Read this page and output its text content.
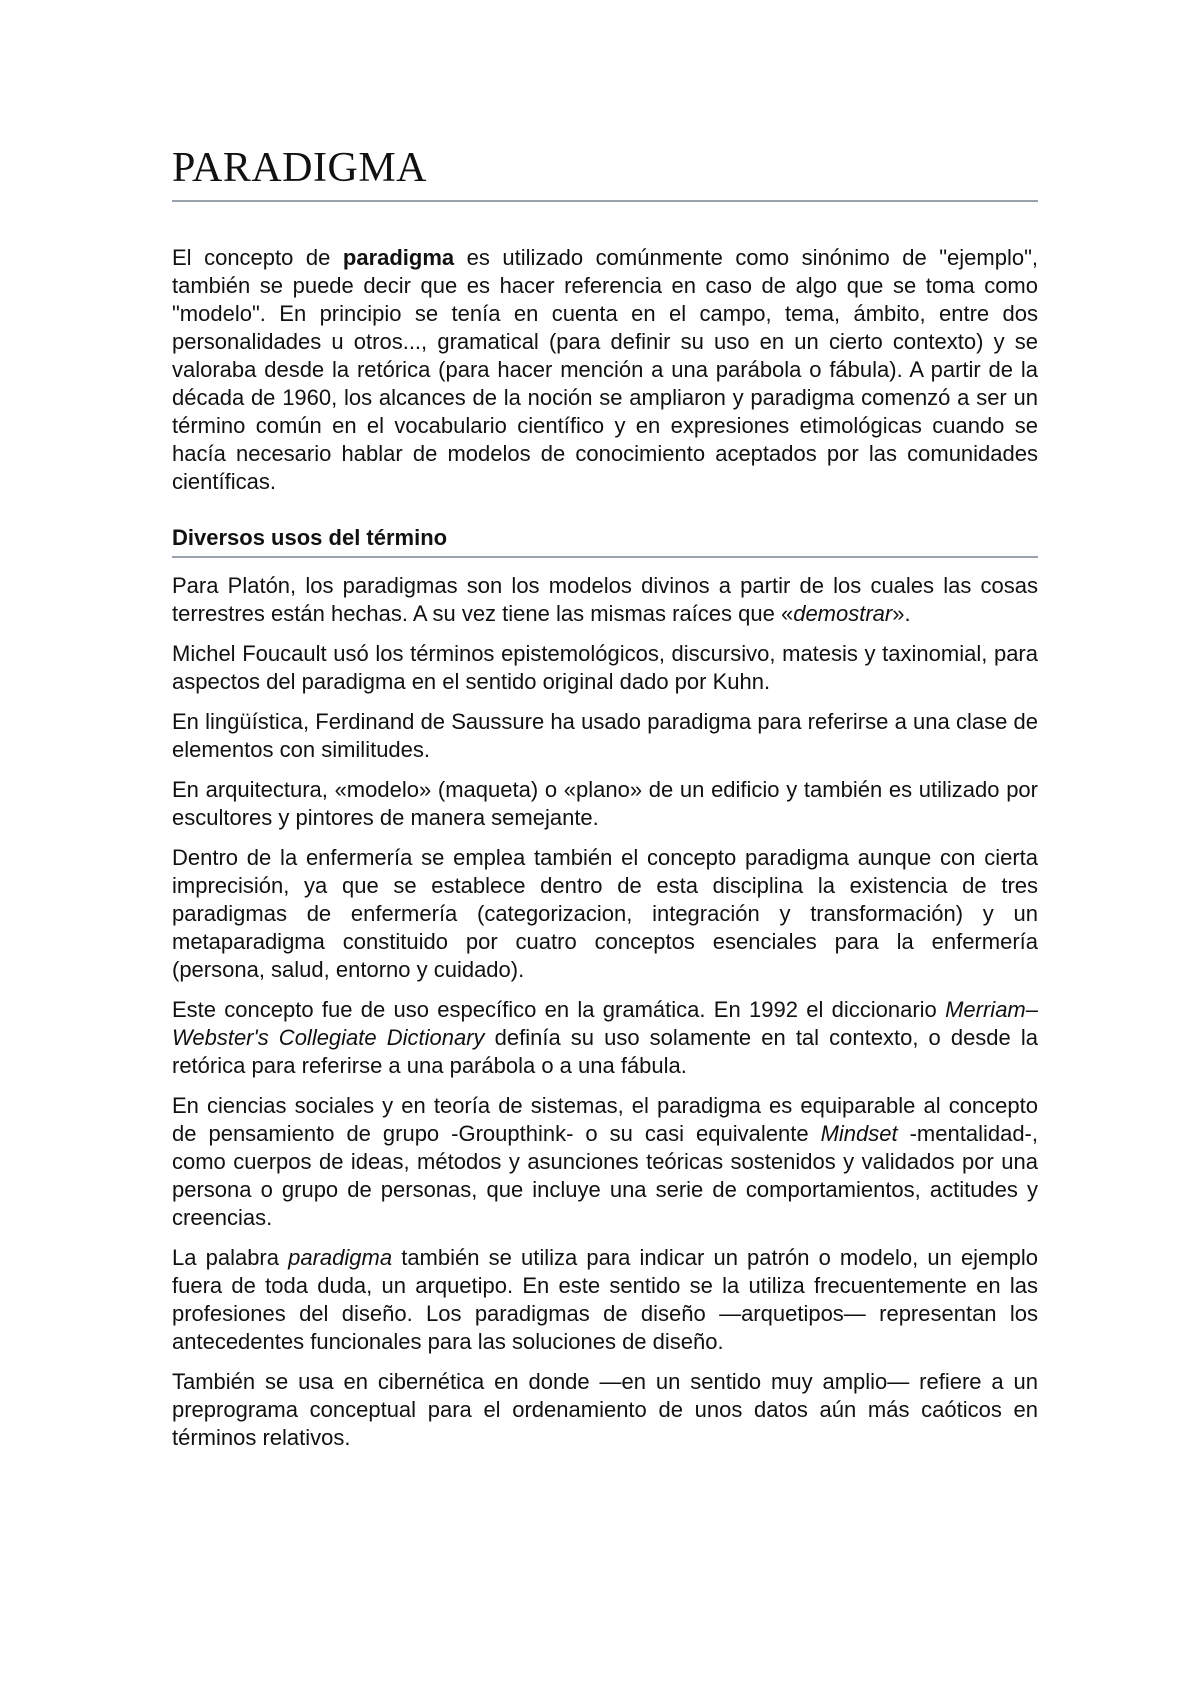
PARADIGMA

El concepto de paradigma es utilizado comúnmente como sinónimo de "ejemplo", también se puede decir que es hacer referencia en caso de algo que se toma como "modelo". En principio se tenía en cuenta en el campo, tema, ámbito, entre dos personalidades u otros..., gramatical (para definir su uso en un cierto contexto) y se valoraba desde la retórica (para hacer mención a una parábola o fábula). A partir de la década de 1960, los alcances de la noción se ampliaron y paradigma comenzó a ser un término común en el vocabulario científico y en expresiones etimológicas cuando se hacía necesario hablar de modelos de conocimiento aceptados por las comunidades científicas.

Diversos usos del término

Para Platón, los paradigmas son los modelos divinos a partir de los cuales las cosas terrestres están hechas. A su vez tiene las mismas raíces que «demostrar».

Michel Foucault usó los términos epistemológicos, discursivo, matesis y taxinomial, para aspectos del paradigma en el sentido original dado por Kuhn.

En lingüística, Ferdinand de Saussure ha usado paradigma para referirse a una clase de elementos con similitudes.

En arquitectura, «modelo» (maqueta) o «plano» de un edificio y también es utilizado por escultores y pintores de manera semejante.

Dentro de la enfermería se emplea también el concepto paradigma aunque con cierta imprecisión, ya que se establece dentro de esta disciplina la existencia de tres paradigmas de enfermería (categorizacion, integración y transformación) y un metaparadigma constituido por cuatro conceptos esenciales para la enfermería (persona, salud, entorno y cuidado).

Este concepto fue de uso específico en la gramática. En 1992 el diccionario Merriam–Webster's Collegiate Dictionary definía su uso solamente en tal contexto, o desde la retórica para referirse a una parábola o a una fábula.

En ciencias sociales y en teoría de sistemas, el paradigma es equiparable al concepto de pensamiento de grupo -Groupthink- o su casi equivalente Mindset -mentalidad-, como cuerpos de ideas, métodos y asunciones teóricas sostenidos y validados por una persona o grupo de personas, que incluye una serie de comportamientos, actitudes y creencias.

La palabra paradigma también se utiliza para indicar un patrón o modelo, un ejemplo fuera de toda duda, un arquetipo. En este sentido se la utiliza frecuentemente en las profesiones del diseño. Los paradigmas de diseño —arquetipos— representan los antecedentes funcionales para las soluciones de diseño.

También se usa en cibernética en donde —en un sentido muy amplio— refiere a un preprograma conceptual para el ordenamiento de unos datos aún más caóticos en términos relativos.
